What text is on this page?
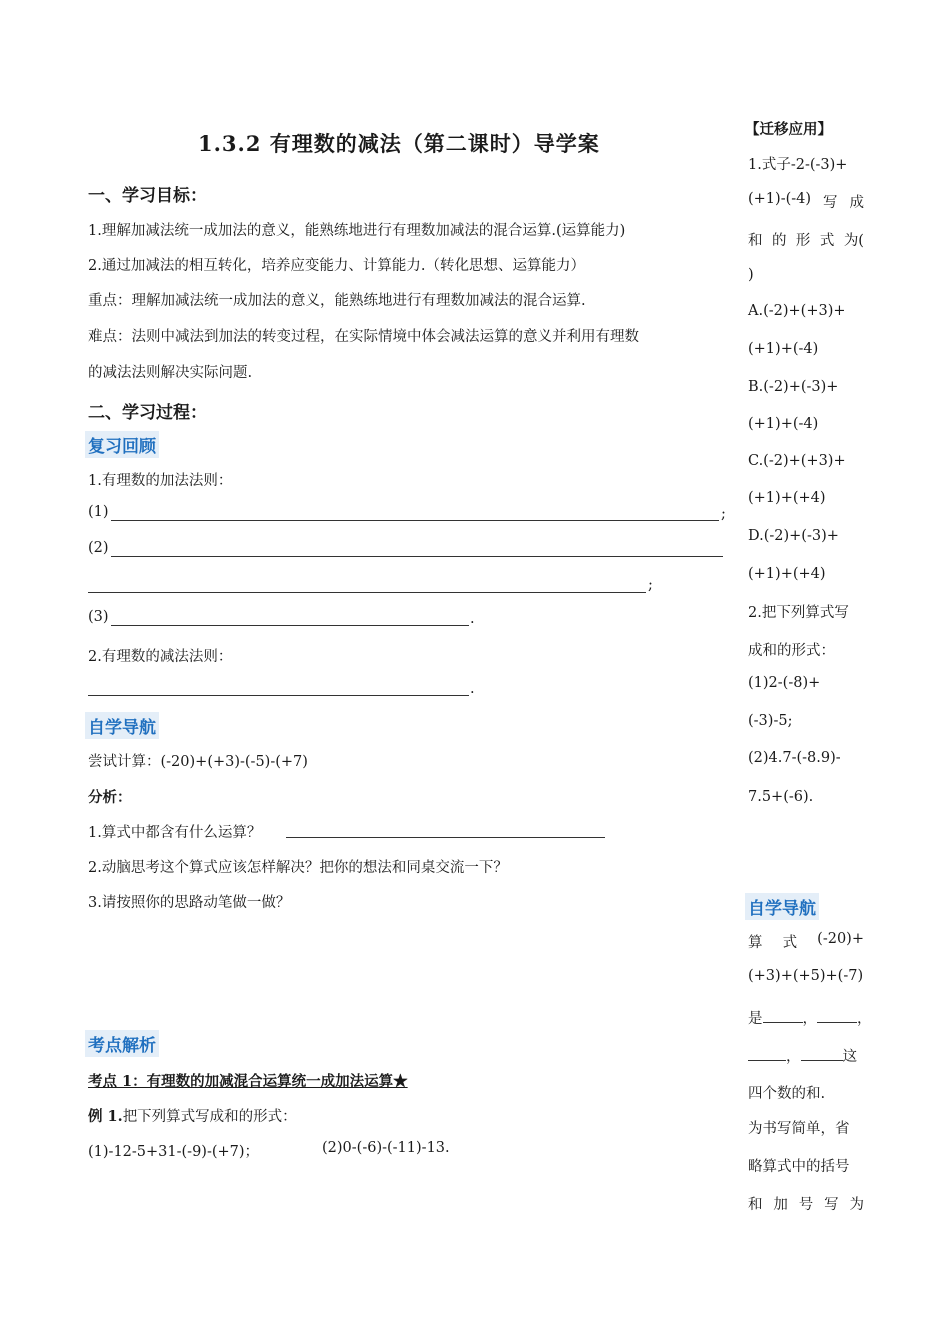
1.3.2 有理数的减法（第二课时）导学案
一、学习目标：
1.理解加减法统一成加法的意义，能熟练地进行有理数加减法的混合运算.(运算能力)
2.通过加减法的相互转化，培养应变能力、计算能力.（转化思想、运算能力）
重点：理解加减法统一成加法的意义，能熟练地进行有理数加减法的混合运算.
难点：法则中减法到加法的转变过程，在实际情境中体会减法运算的意义并利用有理数
的减法法则解决实际问题.
二、学习过程：
复习回顾
1.有理数的加法法则：
(1)	;
(2)
;
(3)	.
2.有理数的减法法则：
.
自学导航
尝试计算：(-20)+(+3)-(-5)-(+7)
分析：
1.算式中都含有什么运算？
2.动脑思考这个算式应该怎样解决？把你的想法和同桌交流一下？
3.请按照你的思路动笔做一做？
考点解析
考点 1：有理数的加减混合运算统一成加法运算★
例 1.把下列算式写成和的形式：
(1)-12-5+31-(-9)-(+7)；	(2)0-(-6)-(-11)-13.
【迁移应用】
1.式子-2-(-3)+
(+1)-(-4) 写 成
和 的 形 式 为(
)
A.(-2)+(+3)+
(+1)+(-4)
B.(-2)+(-3)+
(+1)+(-4)
C.(-2)+(+3)+
(+1)+(+4)
D.(-2)+(-3)+
(+1)+(+4)
2.把下列算式写
成和的形式：
(1)2-(-8)+
(-3)-5;
(2)4.7-(-8.9)-
7.5+(-6).
自学导航
算 式 (-20)+
(+3)+(+5)+(-7)
是	，	，
，	这
四个数的和.
为书写简单，省
略算式中的括号
和 加 号 写 为
